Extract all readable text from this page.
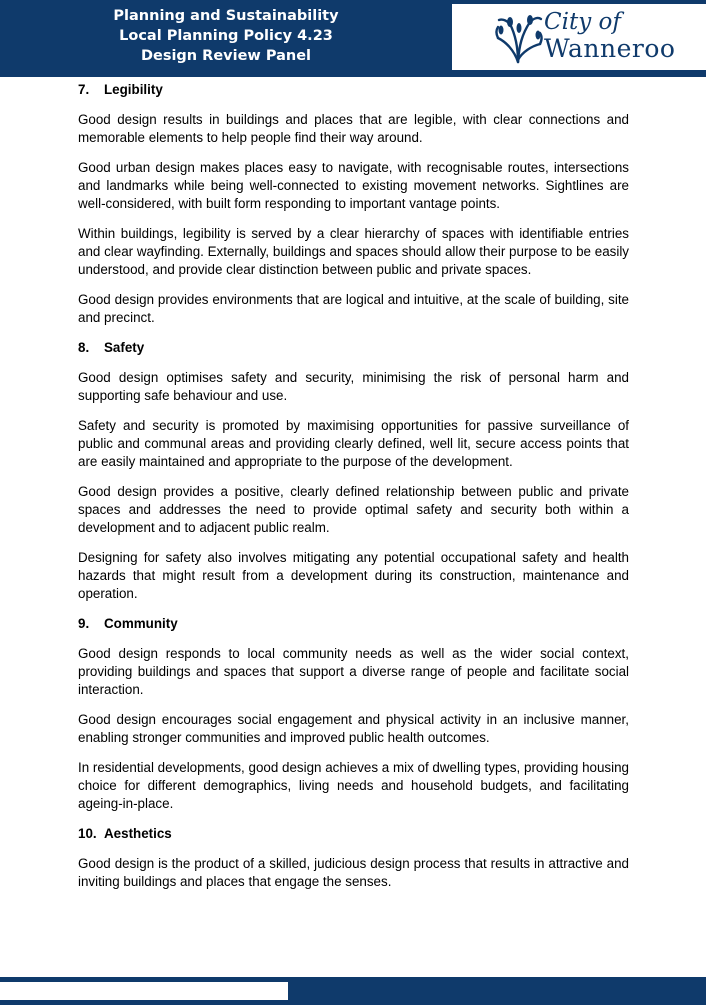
Planning and Sustainability
Local Planning Policy 4.23
Design Review Panel
City of
Wanneroo
7.	Legibility

Good design results in buildings and places that are legible, with clear connections and memorable elements to help people find their way around.

Good urban design makes places easy to navigate, with recognisable routes, intersections and landmarks while being well-connected to existing movement networks. Sightlines are well-considered, with built form responding to important vantage points.

Within buildings, legibility is served by a clear hierarchy of spaces with identifiable entries and clear wayfinding. Externally, buildings and spaces should allow their purpose to be easily understood, and provide clear distinction between public and private spaces.

Good design provides environments that are logical and intuitive, at the scale of building, site and precinct.

8.	Safety

Good design optimises safety and security, minimising the risk of personal harm and supporting safe behaviour and use.

Safety and security is promoted by maximising opportunities for passive surveillance of public and communal areas and providing clearly defined, well lit, secure access points that are easily maintained and appropriate to the purpose of the development.

Good design provides a positive, clearly defined relationship between public and private spaces and addresses the need to provide optimal safety and security both within a development and to adjacent public realm.

Designing for safety also involves mitigating any potential occupational safety and health hazards that might result from a development during its construction, maintenance and operation.

9.	Community

Good design responds to local community needs as well as the wider social context, providing buildings and spaces that support a diverse range of people and facilitate social interaction.

Good design encourages social engagement and physical activity in an inclusive manner, enabling stronger communities and improved public health outcomes.

In residential developments, good design achieves a mix of dwelling types, providing housing choice for different demographics, living needs and household budgets, and facilitating ageing-in-place.

10. Aesthetics

Good design is the product of a skilled, judicious design process that results in attractive and inviting buildings and places that engage the senses.
